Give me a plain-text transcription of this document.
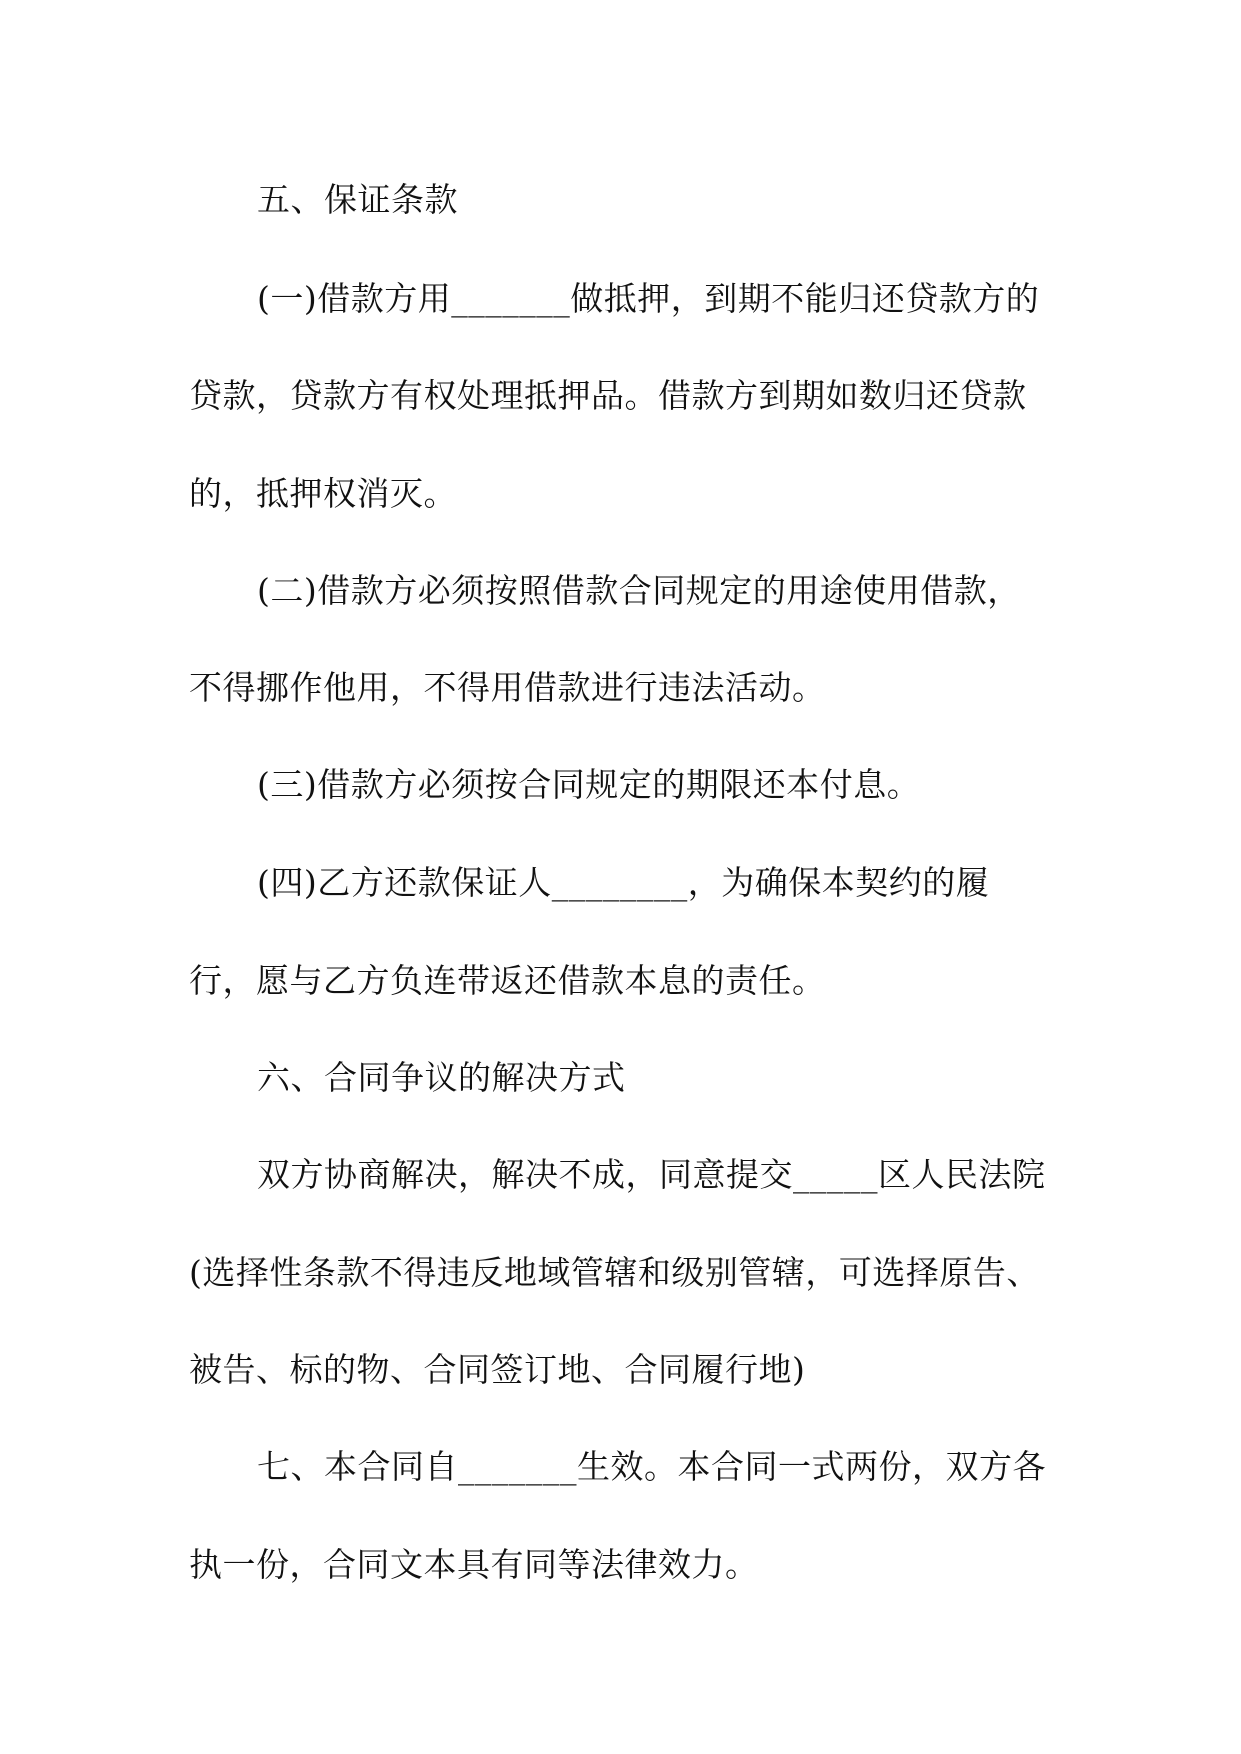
五、保证条款
(一)借款方用_______做抵押，到期不能归还贷款方的
贷款，贷款方有权处理抵押品。借款方到期如数归还贷款
的，抵押权消灭。
(二)借款方必须按照借款合同规定的用途使用借款，
不得挪作他用，不得用借款进行违法活动。
(三)借款方必须按合同规定的期限还本付息。
(四)乙方还款保证人________，为确保本契约的履
行，愿与乙方负连带返还借款本息的责任。
六、合同争议的解决方式
双方协商解决，解决不成，同意提交_____区人民法院
(选择性条款不得违反地域管辖和级别管辖，可选择原告、
被告、标的物、合同签订地、合同履行地)
七、本合同自_______生效。本合同一式两份，双方各
执一份，合同文本具有同等法律效力。
